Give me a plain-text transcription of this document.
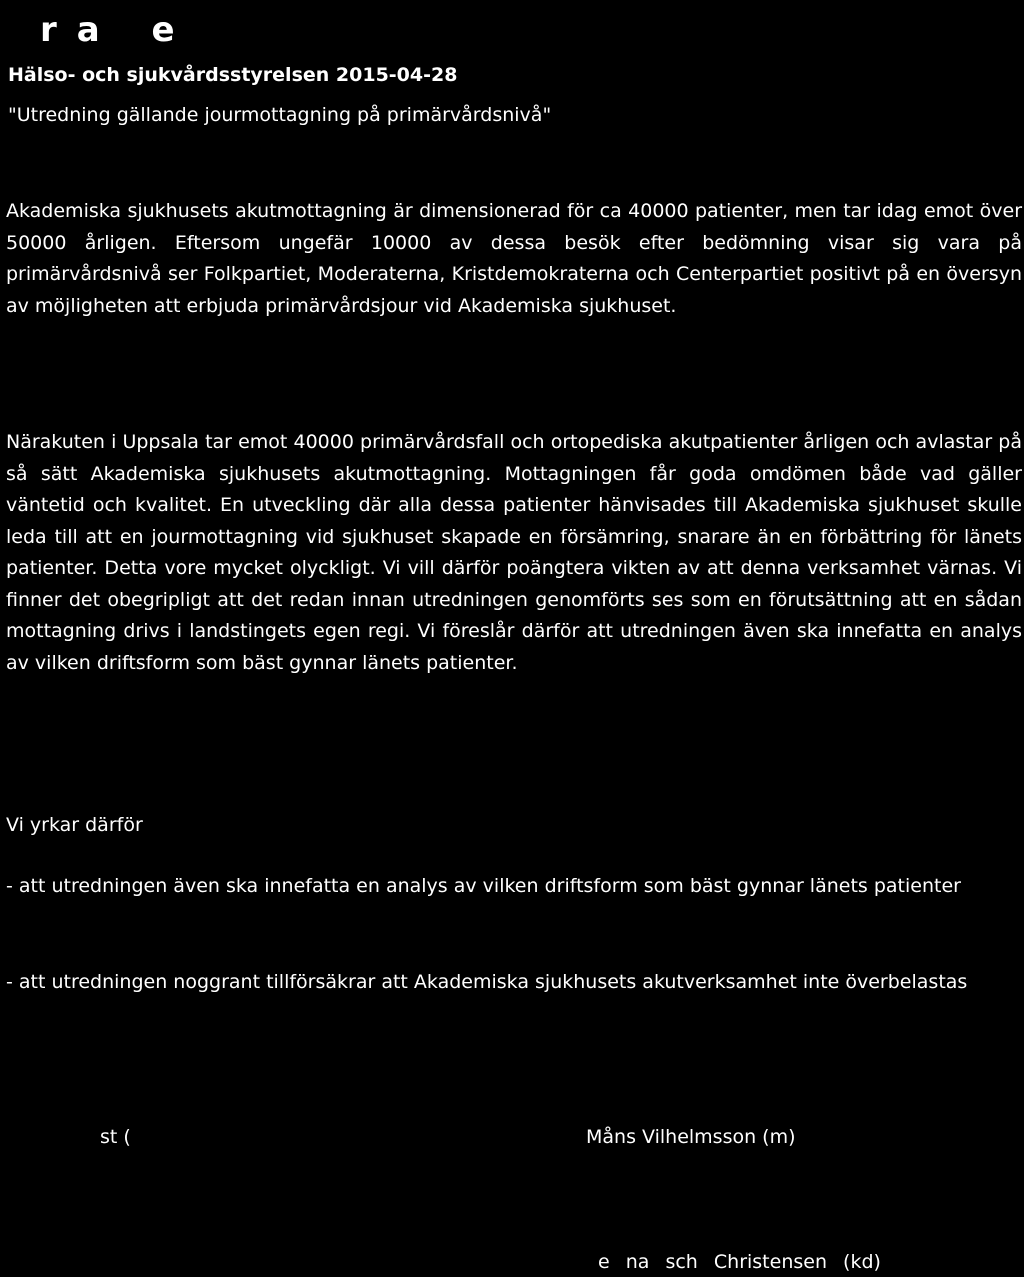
ra e
Hälso- och sjukvårdsstyrelsen 2015-04-28
"Utredning gällande jourmottagning på primärvårdsnivå"
Akademiska sjukhusets akutmottagning är dimensionerad för ca 40000 patienter, men tar idag emot över 50000 årligen. Eftersom ungefär 10000 av dessa besök efter bedömning visar sig vara på primärvårdsnivå ser Folkpartiet, Moderaterna, Kristdemokraterna och Centerpartiet positivt på en översyn av möjligheten att erbjuda primärvårdsjour vid Akademiska sjukhuset.
Närakuten i Uppsala tar emot 40000 primärvårdsfall och ortopediska akutpatienter årligen och avlastar på så sätt Akademiska sjukhusets akutmottagning. Mottagningen får goda omdömen både vad gäller väntetid och kvalitet. En utveckling där alla dessa patienter hänvisades till Akademiska sjukhuset skulle leda till att en jourmottagning vid sjukhuset skapade en försämring, snarare än en förbättring för länets patienter. Detta vore mycket olyckligt. Vi vill därför poängtera vikten av att denna verksamhet värnas. Vi finner det obegripligt att det redan innan utredningen genomförts ses som en förutsättning att en sådan mottagning drivs i landstingets egen regi. Vi föreslår därför att utredningen även ska innefatta en analys av vilken driftsform som bäst gynnar länets patienter.
Vi yrkar därför
- att utredningen även ska innefatta en analys av vilken driftsform som bäst gynnar länets patienter
- att utredningen noggrant tillförsäkrar att Akademiska sjukhusets akutverksamhet inte överbelastas
st (	Måns Vilhelmsson (m)
e na sch Christensen (kd)
